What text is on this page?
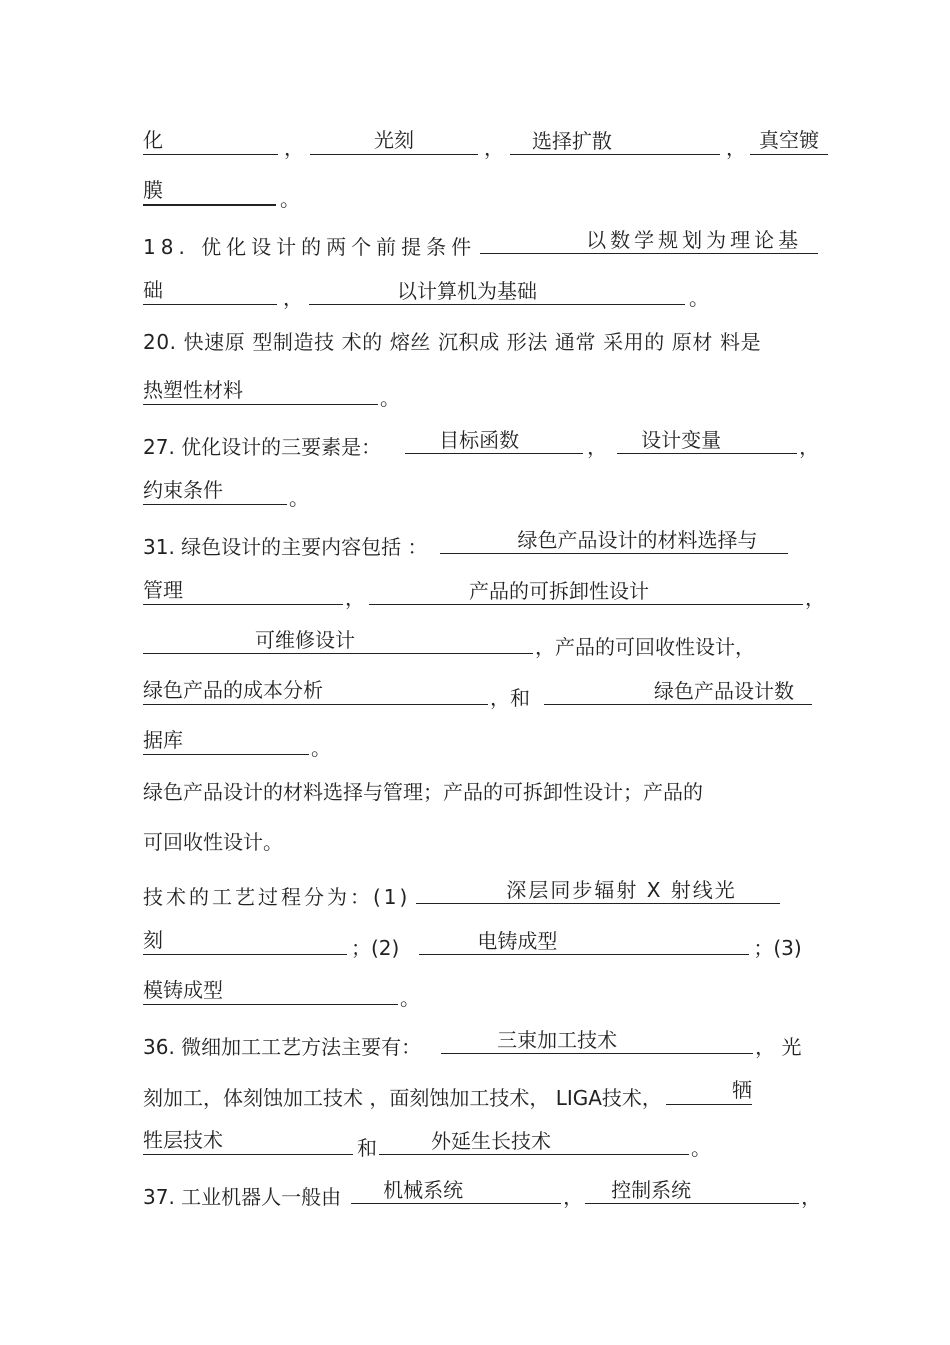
化	，	光刻	， 选择扩散	， 真空镀
膜	。
18. 优化设计的两个前提条件	以数学规划为理论基
础	，	以计算机为基础	。
20. 快速原 型制造技 术的 熔丝 沉积成 形法 通常 采用的 原材 料是
热塑性材料	。
27. 优化设计的三要素是：	目标函数	， 设计变量	，
约束条件	。
31. 绿色设计的主要内容包括 ：	绿色产品设计的材料选择与
管理	，	产品的可拆卸性设计	，
可维修设计	，产品的可回收性设计，
绿色产品的成本分析	，和	绿色产品设计数
据库	。
绿色产品设计的材料选择与管理；产品的可拆卸性设计；产品的
可回收性设计。
技术的工艺过程分为：(1)	深层同步辐射 X 射线光
刻	；(2)	电铸成型	；(3)
模铸成型	。
36. 微细加工工艺方法主要有：	三束加工技术	， 光
刻加工，体刻蚀加工技术 ，面刻蚀加工技术， LIGA技术，	牺
牲层技术	和	外延生长技术	。
37. 工业机器人一般由 机械系统	， 控制系统	，
